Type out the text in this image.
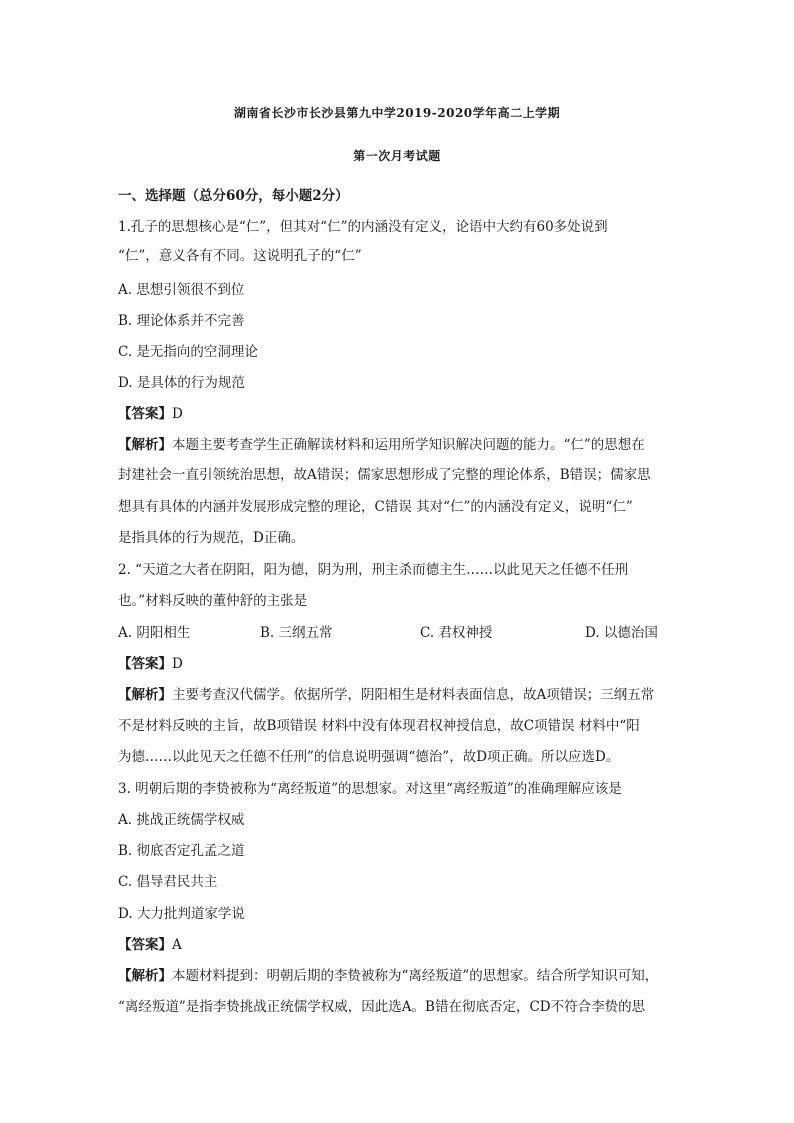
湖南省长沙市长沙县第九中学2019-2020学年高二上学期
第一次月考试题
一、选择题（总分60分，每小题2分）
1.孔子的思想核心是“仁”，但其对“仁”的内涵没有定义，论语中大约有60多处说到
“仁”，意义各有不同。这说明孔子的“仁”
A. 思想引领很不到位
B. 理论体系并不完善
C. 是无指向的空洞理论
D. 是具体的行为规范
【答案】D
【解析】本题主要考查学生正确解读材料和运用所学知识解决问题的能力。“仁”的思想在
封建社会一直引领统治思想，故A错误；儒家思想形成了完整的理论体系，B错误；儒家思
想具有具体的内涵并发展形成完整的理论，C错误 其对“仁”的内涵没有定义，说明“仁”
是指具体的行为规范，D正确。
2. “天道之大者在阴阳，阳为德，阴为刑，刑主杀而德主生……以此见天之任德不任刑
也。”材料反映的董仲舒的主张是
A. 阴阳相生	B. 三纲五常	C. 君权神授	D. 以德治国
【答案】D
【解析】主要考查汉代儒学。依据所学，阴阳相生是材料表面信息，故A项错误；三纲五常
不是材料反映的主旨，故B项错误 材料中没有体现君权神授信息，故C项错误 材料中“阳
为德……以此见天之任德不任刑”的信息说明强调“德治”，故D项正确。所以应选D。
3. 明朝后期的李贽被称为“离经叛道”的思想家。对这里“离经叛道”的准确理解应该是
A. 挑战正统儒学权威
B. 彻底否定孔孟之道
C. 倡导君民共主
D. 大力批判道家学说
【答案】A
【解析】本题材料提到：明朝后期的李贽被称为“离经叛道”的思想家。结合所学知识可知，
“离经叛道”是指李贽挑战正统儒学权威，因此选A。B错在彻底否定，CD不符合李贽的思
